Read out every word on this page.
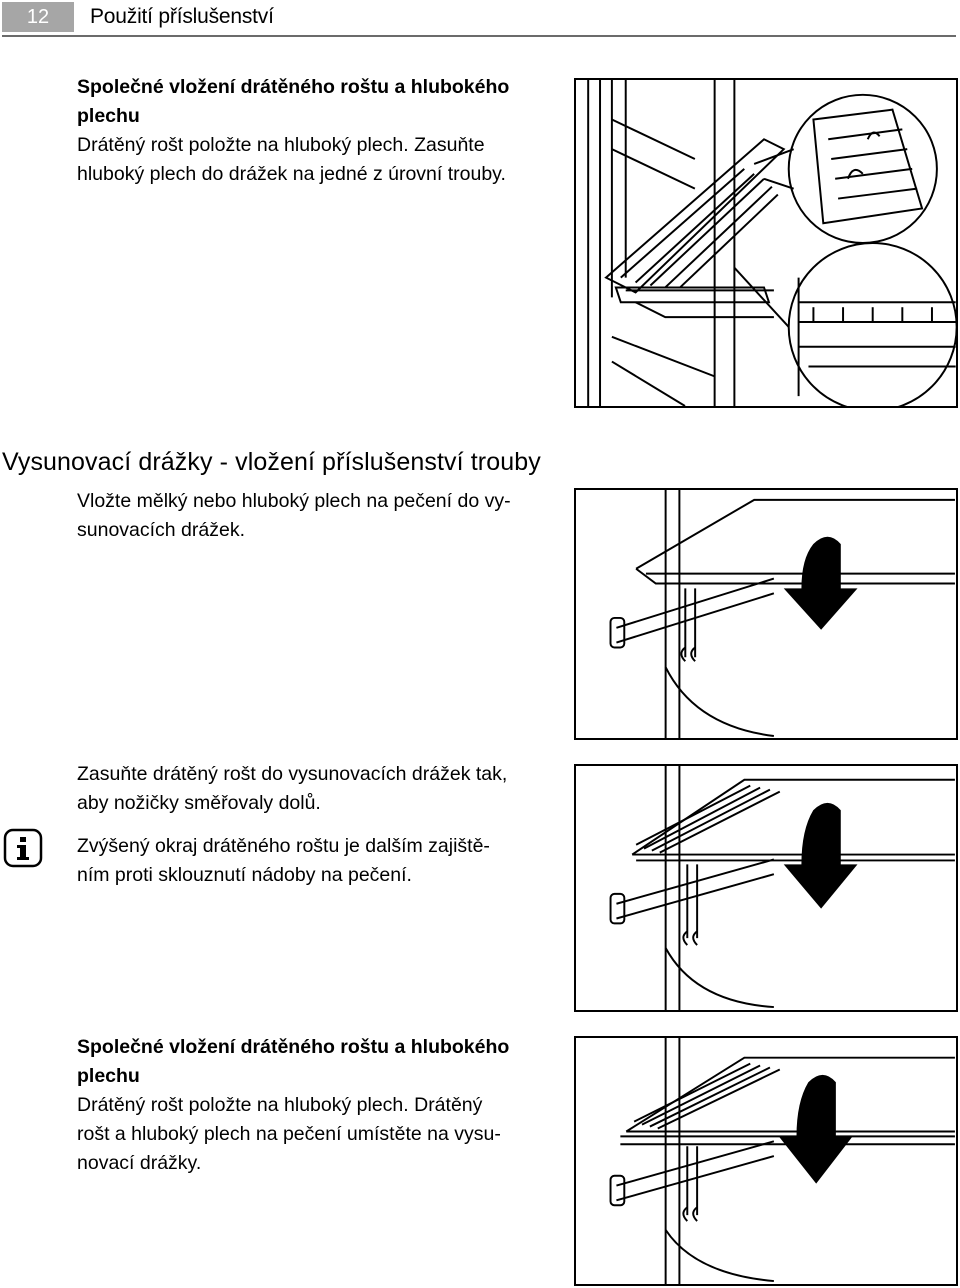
12	Použití příslušenství

Společné vložení drátěného roštu a hlubokého

plechu

Drátěný rošt položte na hluboký plech. Zasuňte

hluboký plech do drážek na jedné z úrovní trouby.

Vysunovací drážky - vložení příslušenství trouby

Vložte mělký nebo hluboký plech na pečení do vy-

sunovacích drážek.

Zasuňte drátěný rošt do vysunovacích drážek tak,

aby nožičky směřovaly dolů.

Zvýšený okraj drátěného roštu je dalším zajiště-

ním proti sklouznutí nádoby na pečení.

Společné vložení drátěného roštu a hlubokého

plechu

Drátěný rošt položte na hluboký plech. Drátěný

rošt a hluboký plech na pečení umístěte na vysu-

novací drážky.
